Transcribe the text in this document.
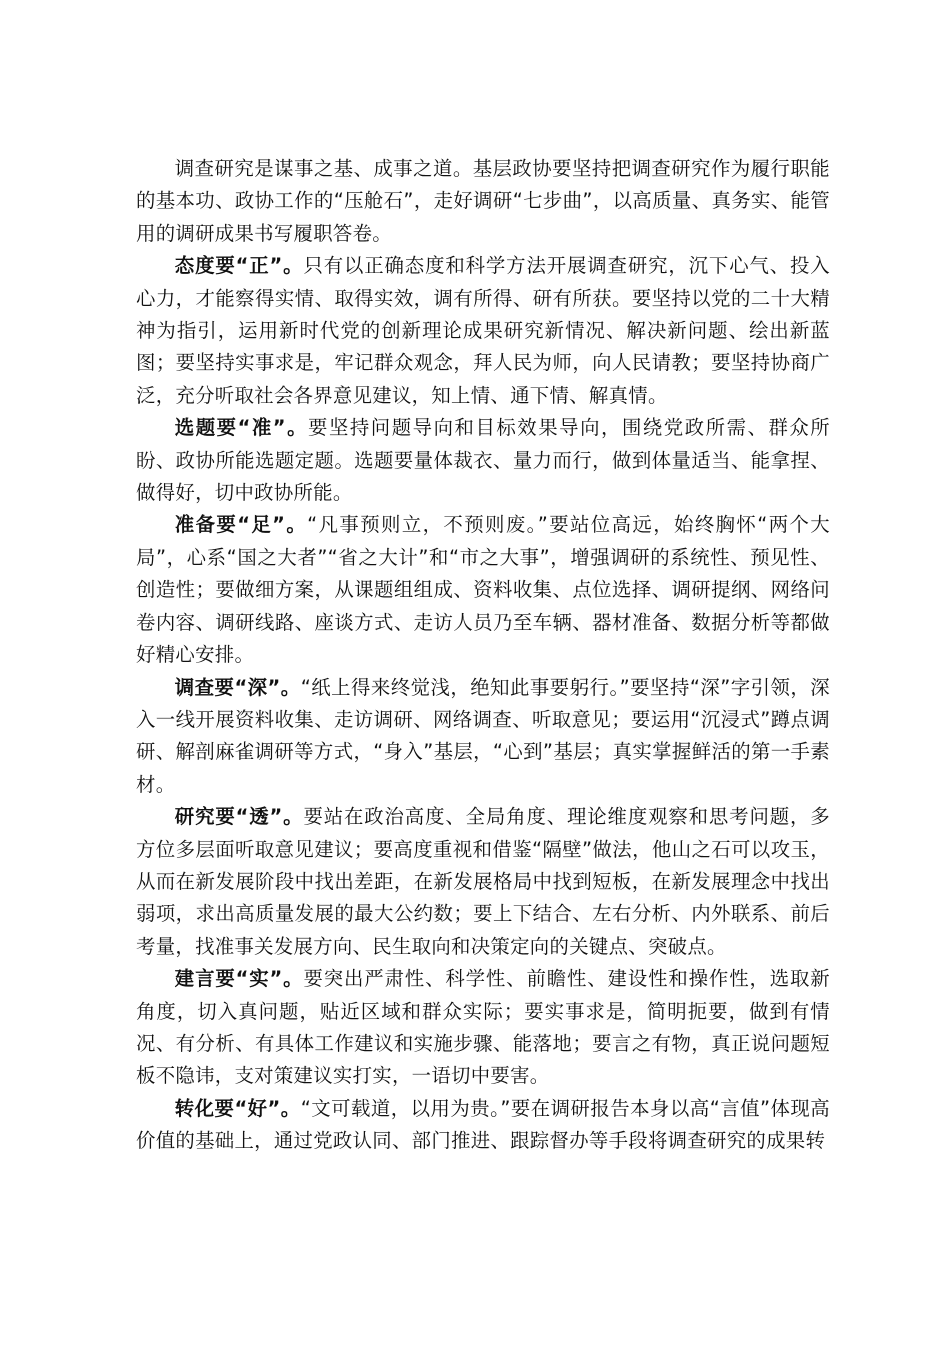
调查研究是谋事之基、成事之道。基层政协要坚持把调查研究作为履行职能的基本功、政协工作的“压舱石”，走好调研“七步曲”，以高质量、真务实、能管用的调研成果书写履职答卷。

态度要“正”。只有以正确态度和科学方法开展调查研究，沉下心气、投入心力，才能察得实情、取得实效，调有所得、研有所获。要坚持以党的二十大精神为指引，运用新时代党的创新理论成果研究新情况、解决新问题、绘出新蓝图；要坚持实事求是，牢记群众观念，拜人民为师，向人民请教；要坚持协商广泛，充分听取社会各界意见建议，知上情、通下情、解真情。

选题要“准”。要坚持问题导向和目标效果导向，围绕党政所需、群众所盼、政协所能选题定题。选题要量体裁衣、量力而行，做到体量适当、能拿捏、做得好，切中政协所能。

准备要“足”。“凡事预则立，不预则废。”要站位高远，始终胸怀“两个大局”，心系“国之大者”“省之大计”和“市之大事”，增强调研的系统性、预见性、创造性；要做细方案，从课题组组成、资料收集、点位选择、调研提纲、网络问卷内容、调研线路、座谈方式、走访人员乃至车辆、器材准备、数据分析等都做好精心安排。

调查要“深”。“纸上得来终觉浅，绝知此事要躬行。”要坚持“深”字引领，深入一线开展资料收集、走访调研、网络调查、听取意见；要运用“沉浸式”蹲点调研、解剖麻雀调研等方式，“身入”基层，“心到”基层；真实掌握鲜活的第一手素材。

研究要“透”。要站在政治高度、全局角度、理论维度观察和思考问题，多方位多层面听取意见建议；要高度重视和借鉴“隔壁”做法，他山之石可以攻玉，从而在新发展阶段中找出差距，在新发展格局中找到短板，在新发展理念中找出弱项，求出高质量发展的最大公约数；要上下结合、左右分析、内外联系、前后考量，找准事关发展方向、民生取向和决策定向的关键点、突破点。

建言要“实”。要突出严肃性、科学性、前瞻性、建设性和操作性，选取新角度，切入真问题，贴近区域和群众实际；要实事求是，简明扼要，做到有情况、有分析、有具体工作建议和实施步骤、能落地；要言之有物，真正说问题短板不隐讳，支对策建议实打实，一语切中要害。

转化要“好”。“文可载道，以用为贵。”要在调研报告本身以高“言值”体现高价值的基础上，通过党政认同、部门推进、跟踪督办等手段将调查研究的成果转
